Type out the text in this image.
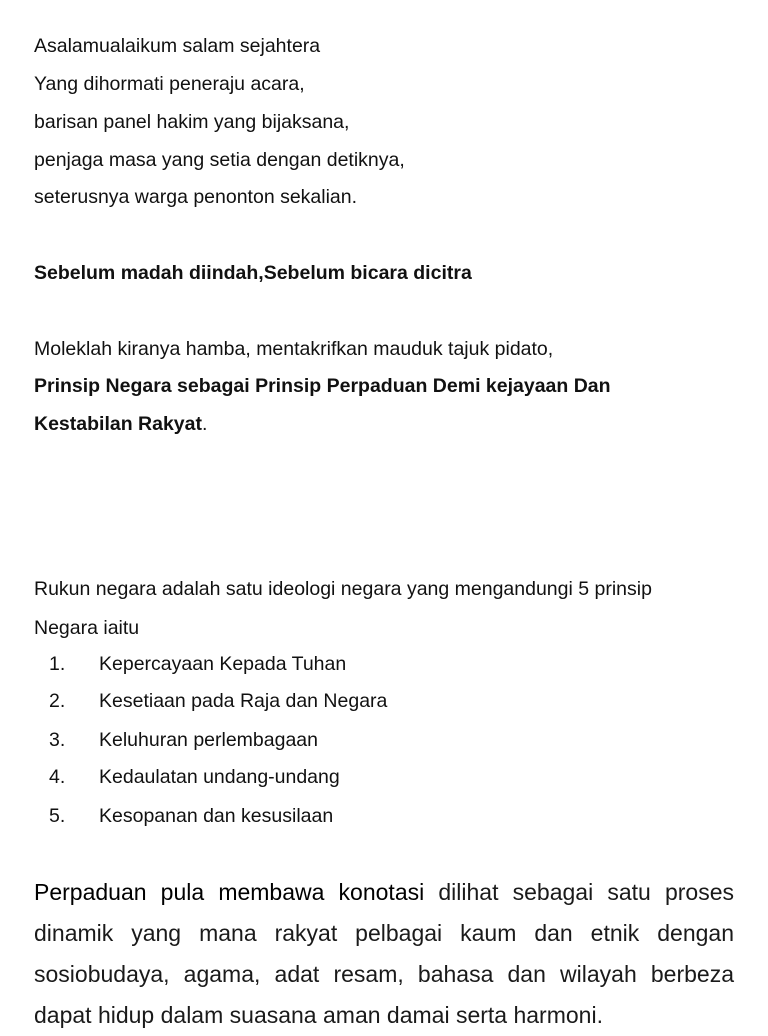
Asalamualaikum salam sejahtera

Yang dihormati peneraju acara,

barisan panel hakim yang bijaksana,

penjaga masa yang setia dengan detiknya,

seterusnya warga penonton sekalian.

Sebelum madah diindah,Sebelum bicara dicitra

Moleklah kiranya hamba, mentakrifkan mauduk tajuk pidato,

Prinsip Negara sebagai Prinsip Perpaduan Demi kejayaan Dan

Kestabilan Rakyat.

Rukun negara adalah satu ideologi negara yang mengandungi 5 prinsip

Negara iaitu

1. Kepercayaan Kepada Tuhan
2. Kesetiaan pada Raja dan Negara
3. Keluhuran perlembagaan
4. Kedaulatan undang-undang
5. Kesopanan dan kesusilaan

Perpaduan pula membawa konotasi dilihat sebagai satu proses dinamik yang mana rakyat pelbagai kaum dan etnik dengan sosiobudaya, agama, adat resam, bahasa dan wilayah berbeza dapat hidup dalam suasana aman damai serta harmoni.
